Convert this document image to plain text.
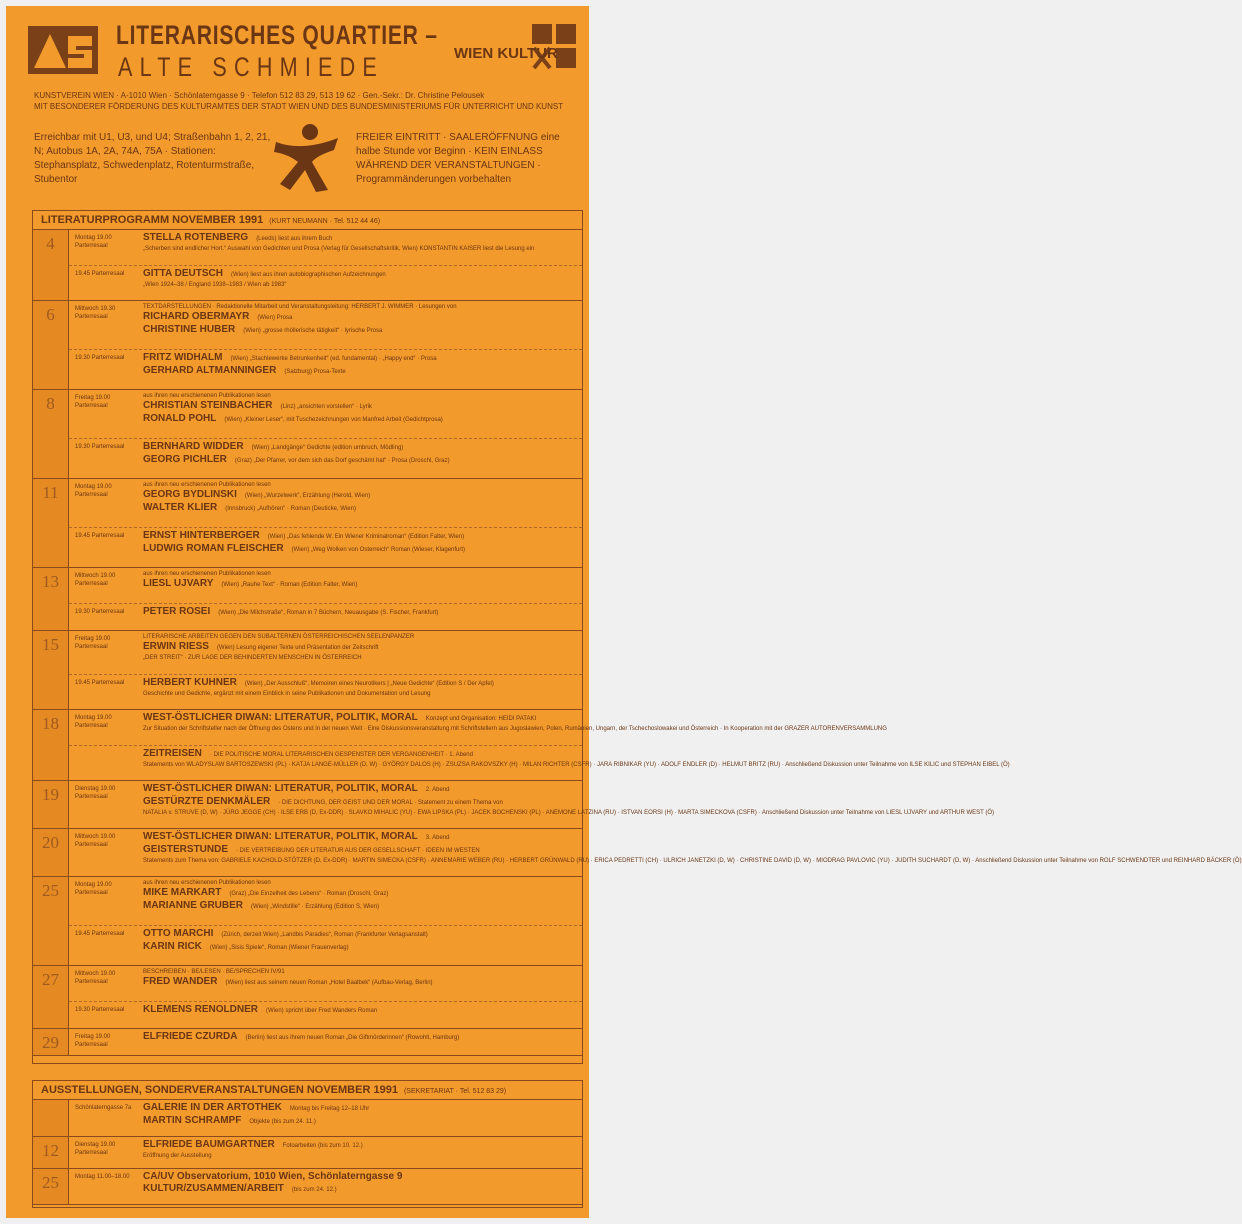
LITERARISCHES QUARTIER –
ALTE SCHMIEDE	WIEN KULTUR
KUNSTVEREIN WIEN · A-1010 Wien · Schönlaterngasse 9 · Telefon 512 83 29, 513 19 62 · Gen.-Sekr.: Dr. Christine Pelousek
MIT BESONDERER FÖRDERUNG DES KULTURAMTES DER STADT WIEN UND DES BUNDESMINISTERIUMS FÜR UNTERRICHT UND KUNST
Erreichbar mit U1, U3, und U4; Straßenbahn 1, 2, 21, N; Autobus 1A, 2A, 74A, 75A · Stationen: Stephansplatz, Schwedenplatz, Rotenturmstraße, Stubentor
FREIER EINTRITT · SAALERÖFFNUNG eine halbe Stunde vor Beginn · KEIN EINLASS WÄHREND DER VERANSTALTUNGEN · Programmänderungen vorbehalten
LITERATURPROGRAMM NOVEMBER 1991 (KURT NEUMANN · Tel. 512 44 46)
4	Montag 19.00 Parterresaal
STELLA ROTENBERG (Leeds) liest aus ihrem Buch
„Scherben sind endlicher Hort.“ Auswahl von Gedichten und Prosa (Verlag für Gesellschaftskritik, Wien) KONSTANTIN KAISER liest die Lesung ein
19.45 Parterresaal	GITTA DEUTSCH (Wien) liest aus ihren autobiographischen Aufzeichnungen
„Wien 1924–38 / England 1938–1983 / Wien ab 1983“
6	Mittwoch 19.30 Parterresaal
TEXTDARSTELLUNGEN · Redaktionelle Mitarbeit und Veranstaltungsleitung: HERBERT J. WIMMER · Lesungen von
RICHARD OBERMAYR (Wien) Prosa
CHRISTINE HUBER (Wien) „grosse rhöllerische tätigkeit“ · lyrische Prosa
19.30 Parterresaal	FRITZ WIDHALM (Wien) „Stachlewerke Betrunkenheit“ (ed. fundamental) · „Happy end“ · Prosa
GERHARD ALTMANNINGER (Salzburg) Prosa-Texte
8	Freitag 19.00 Parterresaal
aus ihren neu erschienenen Publikationen lesen
CHRISTIAN STEINBACHER (Linz) „ansichten vorstellen“ · Lyrik
RONALD POHL (Wien) „Kleiner Leser“, mit Tuschezeichnungen von Manfred Arbeit (Gedichtprosa)
19.30 Parterresaal	BERNHARD WIDDER (Wien) „Landgänge“ Gedichte (edition umbruch, Mödling)
GEORG PICHLER (Graz) „Der Pfarrer, vor dem sich das Dorf geschämt hat“ · Prosa (Droschl, Graz)
11	Montag 19.00 Parterresaal
aus ihren neu erschienenen Publikationen lesen
GEORG BYDLINSKI (Wien) „Wurzelwerk“, Erzählung (Herold, Wien)
WALTER KLIER (Innsbruck) „Aufhören“ · Roman (Deuticke, Wien)
19.45 Parterresaal	ERNST HINTERBERGER (Wien) „Das fehlende W. Ein Wiener Kriminalroman“ (Edition Falter, Wien)
LUDWIG ROMAN FLEISCHER (Wien) „Weg Wolken von Osterreich“ Roman (Wieser, Klagenfurt)
13	Mittwoch 19.00 Parterresaal
aus ihren neu erschienenen Publikationen lesen
LIESL UJVARY (Wien) „Rauhe Text“ · Roman (Edition Falter, Wien)
19.30 Parterresaal	PETER ROSEI (Wien) „Die Milchstraße“, Roman in 7 Büchern, Neuausgabe (S. Fischer, Frankfurt)
15	Freitag 19.00 Parterresaal
LITERARISCHE ARBEITEN GEGEN DEN SUBALTERNEN ÖSTERREICHISCHEN SEELENPANZER
ERWIN RIESS (Wien) Lesung eigener Texte und Präsentation der Zeitschrift
„DER STREIT“ · ZUR LAGE DER BEHINDERTEN MENSCHEN IN ÖSTERREICH
19.45 Parterresaal	HERBERT KUHNER (Wien) „Der Ausschluß“, Memoiren eines Neurotikers | „Neue Gedichte“ (Edition S / Der Apfel)
Geschichte und Gedichte, ergänzt mit einem Einblick in seine Publikationen und Dokumentation und Lesung
18	Montag 19.00 Parterresaal
WEST-ÖSTLICHER DIWAN: LITERATUR, POLITIK, MORAL Konzept und Organisation: HEIDI PATAKI
Zur Situation der Schriftsteller nach der Öffnung des Ostens und in der neuen Welt · Eine Diskussionsveranstaltung mit Schriftstellern aus Jugoslawien, Polen, Rumänien, Ungarn, der Tschechoslowakei und Österreich · In Kooperation mit der GRAZER AUTORENVERSAMMLUNG
ZEITREISEN · DIE POLITISCHE MORAL LITERARISCHEN GESPENSTER DER VERGANGENHEIT · 1. Abend
Statements von WLADYSLAW BARTOSZEWSKI (PL) · KATJA LANGE-MÜLLER (D, W) · GYÖRGY DALOS (H) · ZSUZSA RAKOVSZKY (H) · MILAN RICHTER (CSFR) · JARA RIBNIKAR (YU) · ADOLF ENDLER (D) · HELMUT BRITZ (RU) · Anschließend Diskussion unter Teilnahme von ILSE KILIC und STEPHAN EIBEL (Ö)
19	Dienstag 19.00 Parterresaal
WEST-ÖSTLICHER DIWAN: LITERATUR, POLITIK, MORAL 2. Abend
GESTÜRZTE DENKMÄLER · DIE DICHTUNG, DER GEIST UND DER MORAL · Statement zu einem Thema von
NATALIA v. STRUVE (D, W) · JÜRG JEGGE (CH) · ILSE ERB (D, Ex-DDR) · SLAVKO MIHALIC (YU) · EWA LIPSKA (PL) · JACEK BOCHENSKI (PL) · ANEMONE LATZINA (RU) · ISTVAN EORSI (H) · MARTA SIMECKOVA (CSFR) · Anschließend Diskussion unter Teilnahme von LIESL UJVARY und ARTHUR WEST (Ö)
20	Mittwoch 19.00 Parterresaal
WEST-ÖSTLICHER DIWAN: LITERATUR, POLITIK, MORAL 3. Abend
GEISTERSTUNDE · DIE VERTREIBUNG DER LITERATUR AUS DER GESELLSCHAFT · IDEEN IM WESTEN
Statements zum Thema von: GABRIELE KACHOLD-STÖTZER (D, Ex-DDR) · MARTIN SIMECKA (CSFR) · ANNEMARIE WEBER (RU) · HERBERT GRÜNWALD (RU) · ERICA PEDRETTI (CH) · ULRICH JANETZKI (D, W) · CHRISTINE DAVID (D, W) · MIODRAG PAVLOVIC (YU) · JUDITH SUCHARDT (D, W) · Anschließend Diskussion unter Teilnahme von ROLF SCHWENDTER und REINHARD BÄCKER (Ö)
25	Montag 19.00 Parterresaal
aus ihren neu erschienenen Publikationen lesen
MIKE MARKART (Graz) „Die Einzelheit des Lebens“ · Roman (Droschl, Graz)
MARIANNE GRUBER (Wien) „Windstille“ · Erzählung (Edition S, Wien)
19.45 Parterresaal	OTTO MARCHI (Zürich, derzeit Wien) „Landbis Paradies“, Roman (Frankfurter Verlagsanstalt)
KARIN RICK (Wien) „Sisis Spiele“, Roman (Wiener Frauenverlag)
27	Mittwoch 19.00 Parterresaal
BESCHREIBEN · BE/LESEN · BE/SPRECHEN IV/91
FRED WANDER (Wien) liest aus seinem neuen Roman „Hotel Baalbek“ (Aufbau-Verlag, Berlin)
19.30 Parterresaal	KLEMENS RENOLDNER (Wien) spricht über Fred Wanders Roman
29	Freitag 19.00 Parterresaal
ELFRIEDE CZURDA (Berlin) liest aus ihrem neuen Roman „Die Giftmörderinnen“ (Rowohlt, Hamburg)
AUSSTELLUNGEN, SONDERVERANSTALTUNGEN NOVEMBER 1991 (SEKRETARIAT · Tel. 512 83 29)
Schönlaterngasse 7a	GALERIE IN DER ARTOTHEK Montag bis Freitag 12–18 Uhr
MARTIN SCHRAMPF Objekte (bis zum 24. 11.)
12	Dienstag 19.00 Parterresaal
ELFRIEDE BAUMGARTNER Fotoarbeiten (bis zum 10. 12.)
Eröffnung der Ausstellung
25	Montag 11.00–18.00	CA/UV Observatorium, 1010 Wien, Schönlaterngasse 9
KULTUR/ZUSAMMEN/ARBEIT (bis zum 24. 12.)
